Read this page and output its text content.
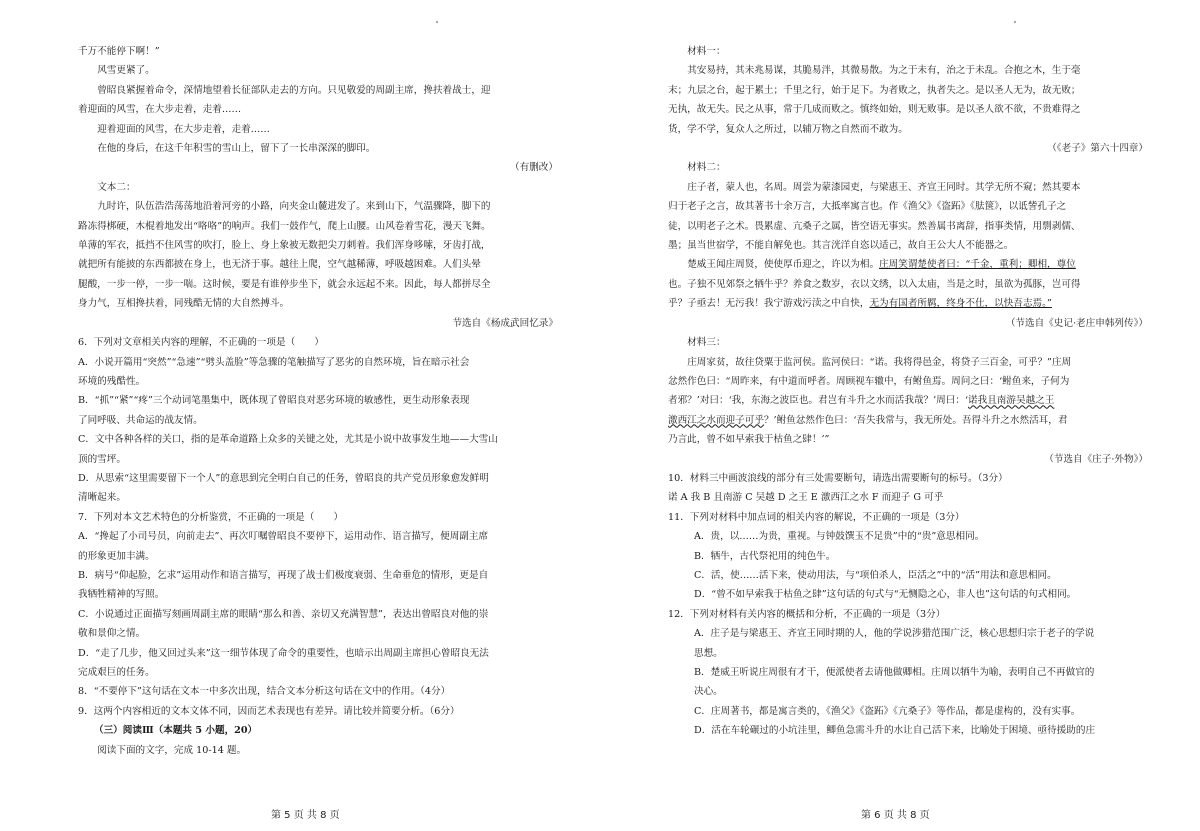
千万不能停下啊！”

风雪更紧了。

曾昭良紧握着命令，深情地望着长征部队走去的方向。只见敬爱的周副主席，搀扶着战士，迎

着迎面的风雪，在大步走着，走着……

迎着迎面的风雪，在大步走着，走着……

在他的身后，在这千年积雪的雪山上，留下了一长串深深的脚印。

（有删改）

文本二：

九时许，队伍浩浩荡荡地沿着河旁的小路，向夹金山麓进发了。来到山下，气温骤降，脚下的

路冻得梆硬，木棍着地发出“咯咯”的响声。我们一鼓作气，爬上山腰。山风卷着雪花，漫天飞舞。

单薄的军衣，抵挡不住风雪的吹打，脸上、身上象被无数把尖刀刺着。我们浑身哆嗦，牙齿打战，

就把所有能披的东西都披在身上，也无济于事。越往上爬，空气越稀薄，呼吸越困难。人们头晕

腿酸，一步一停，一步一喘。这时候，要是有谁停步坐下，就会永远起不来。因此，每人都拼尽全

身力气，互相搀扶着，同残酷无情的大自然搏斗。

节选自《杨成武回忆录》

6．下列对文章相关内容的理解，不正确的一项是（　　）

A．小说开篇用“突然”“急速”“劈头盖脸”等急骤的笔触描写了恶劣的自然环境，旨在暗示社会

环境的残酷性。

B．“抓”“紧”“疼”三个动词笔墨集中，既体现了曾昭良对恶劣环境的敏感性，更生动形象表现

了同呼吸、共命运的战友情。

C．文中各种各样的关口，指的是革命道路上众多的关键之处，尤其是小说中故事发生地——大雪山

顶的雪坪。

D．从思索“这里需要留下一个人”的意思到完全明白自己的任务，曾昭良的共产党员形象愈发鲜明

清晰起来。

7．下列对本文艺术特色的分析鉴赏，不正确的一项是（　　）

A．“搀起了小司号员，向前走去”、再次叮嘱曾昭良不要停下，运用动作、语言描写，便周副主席

的形象更加丰满。

B．病号“仰起脸，乞求”运用动作和语言描写，再现了战士们极度衰弱、生命垂危的情形，更是自

我牺牲精神的写照。

C．小说通过正面描写刻画周副主席的眼睛“那么和善、亲切又充满智慧”，表达出曾昭良对他的崇

敬和景仰之情。

D．“走了几步，他又回过头来”这一细节体现了命令的重要性，也暗示出周副主席担心曾昭良无法

完成艰巨的任务。

8．“不要停下”这句话在文本一中多次出现，结合文本分析这句话在文中的作用。（4分）

9．这两个内容相近的文本文体不同，因而艺术表现也有差异。请比较并简要分析。（6分）

（三）阅读Ⅲ（本题共 5 小题，20）

阅读下面的文字，完成 10-14 题。

材料一：

其安易持，其未兆易谋，其脆易泮，其微易散。为之于未有，治之于未乱。合抱之木，生于毫

末；九层之台，起于累土；千里之行，始于足下。为者败之，执者失之。是以圣人无为，故无败；

无执，故无失。民之从事，常于几成而败之。慎终如始，则无败事。是以圣人欲不欲，不贵难得之

货，学不学，复众人之所过，以辅万物之自然而不敢为。

（《老子》第六十四章）

材料二：

庄子者，蒙人也，名周。周尝为蒙漆园吏，与梁惠王、齐宣王同时。其学无所不窥；然其要本

归于老子之言，故其著书十余万言，大抵率寓言也。作《渔父》《盗跖》《胠箧》，以诋訾孔子之

徒，以明老子之术。畏累虚、亢桑子之属，皆空语无事实。然善属书离辞，指事类情，用剽剥儒、

墨；虽当世宿学，不能自解免也。其言洸洋自恣以适己，故自王公大人不能器之。

楚威王闻庄周贤，使使厚币迎之，许以为相。庄周笑谓楚使者曰：“千金，重利；卿相，尊位

也。子独不见郊祭之牺牛乎？养食之数岁，衣以文绣，以入太庙，当是之时，虽欲为孤豚，岂可得

乎？子亟去！无污我！我宁游戏污渎之中自快，无为有国者所羁，终身不仕，以快吾志焉。”

（节选自《史记·老庄申韩列传》）

材料三：

庄周家贫，故往贷粟于监河侯。监河侯曰：“诺。我将得邑金，将贷子三百金，可乎？”庄周

忿然作色曰：“周昨来，有中道而呼者。周顾视车辙中，有鲋鱼焉。周问之曰：‘鲋鱼来，子何为

者邪？’对曰：‘我，东海之波臣也。君岂有斗升之水而活我哉？’周曰：‘诺我且南游吴越之王

激西江之水而迎子可乎？’鲋鱼忿然作色曰：‘吾失我常与，我无所处。吾得斗升之水然活耳，君

乃言此，曾不如早索我于枯鱼之肆！’”

（节选自《庄子·外物》）

10．材料三中画波浪线的部分有三处需要断句，请选出需要断句的标号。（3分）

诺 A 我 B 且南游 C 吴越 D 之王 E 激西江之水 F 而迎子 G 可乎

11．下列对材料中加点词的相关内容的解说，不正确的一项是（3分）

A．贵，以……为贵，重视。与钟鼓馔玉不足贵”中的“贵”意思相同。

B．牺牛，古代祭祀用的纯色牛。

C．活，使……活下来，使动用法，与“项伯杀人，臣活之”中的“活”用法和意思相同。

D．“曾不如早索我于枯鱼之肆”这句话的句式与“无恻隐之心，非人也”这句话的句式相同。

12．下列对材料有关内容的概括和分析，不正确的一项是（3分）

A．庄子是与梁惠王、齐宣王同时期的人，他的学说涉猎范围广泛，核心思想归宗于老子的学说

思想。

B．楚威王听说庄周很有才干，便派使者去请他做卿相。庄周以牺牛为喻，表明自己不再做官的

决心。

C．庄周著书，都是寓言类的，《渔父》《盗跖》《亢桑子》等作品，都是虚构的，没有实事。

D．活在车轮碾过的小坑洼里，鲫鱼急需斗升的水让自己活下来，比喻处于困境、亟待援助的庄

第 5 页 共 8 页	第 6 页 共 8 页
